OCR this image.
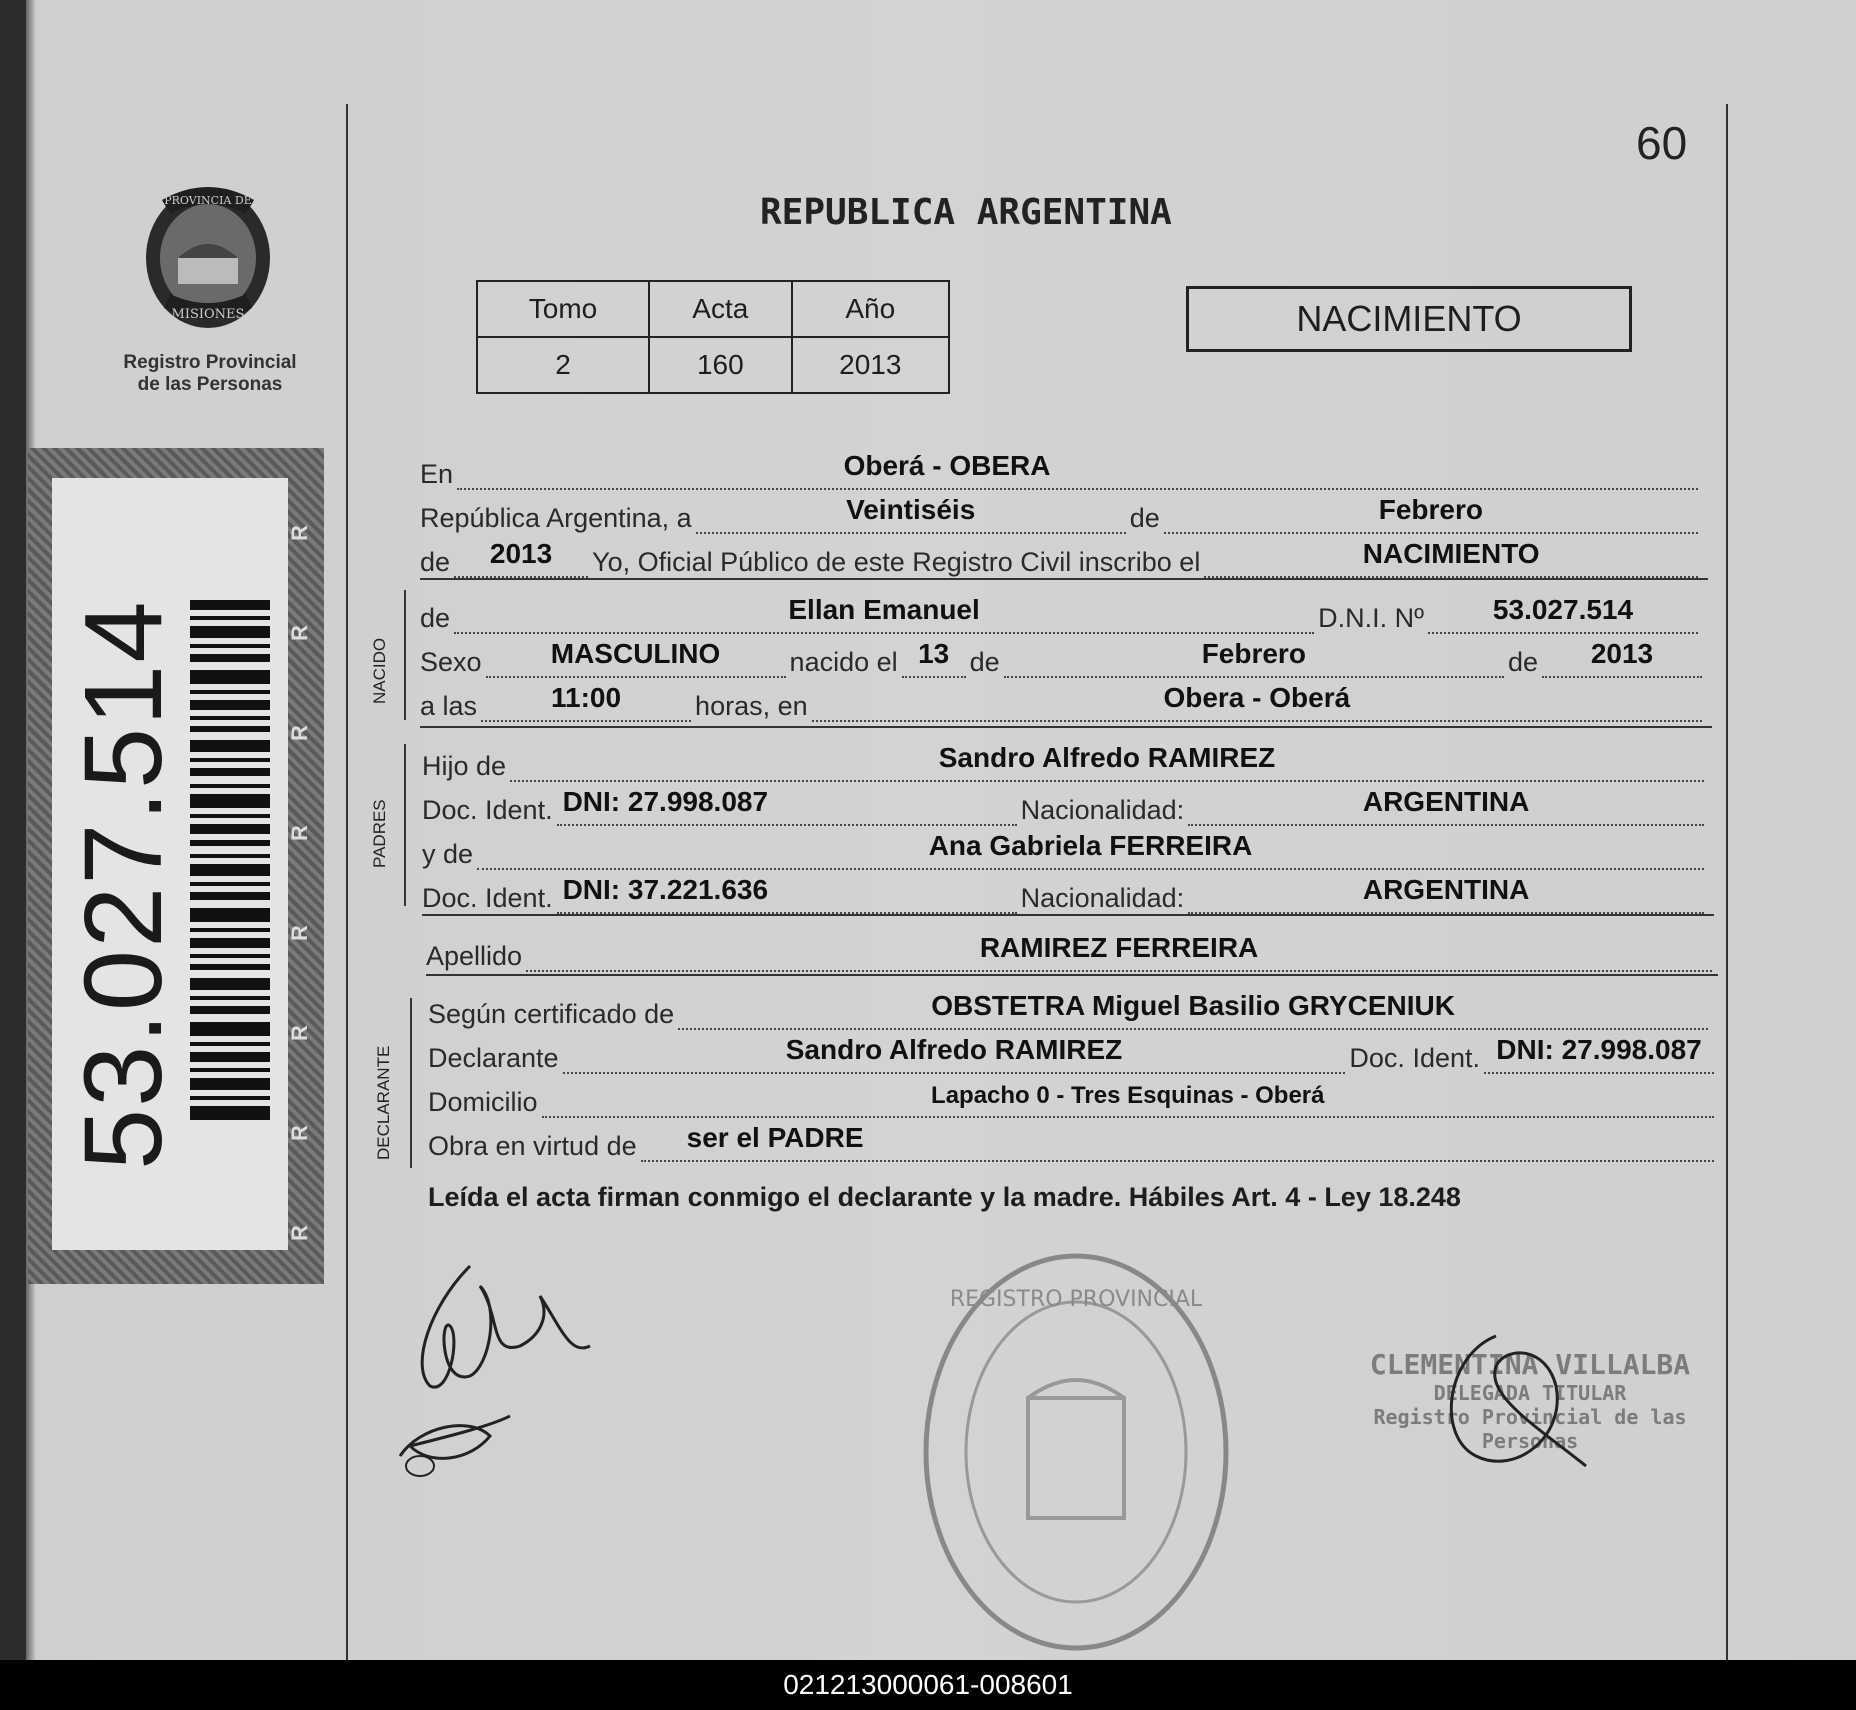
PROVINCIA DE
MISIONES
Registro Provincial
de las Personas
53.027.514
60
REPUBLICA ARGENTINA
Tomo	Acta	Año
2	160	2013
NACIMIENTO
En	Oberá - OBERA
República Argentina, a	Veintiséis	de	Febrero
de	2013	Yo, Oficial Público de este Registro Civil inscribo el	NACIMIENTO
NACIDO
de	Ellan Emanuel	D.N.I. Nº	53.027.514
Sexo	MASCULINO	nacido el 13 de	Febrero	de	2013
a las	11:00	horas, en	Obera - Oberá
PADRES
Hijo de	Sandro Alfredo RAMIREZ
Doc. Ident. DNI: 27.998.087	Nacionalidad:	ARGENTINA
y de	Ana Gabriela FERREIRA
Doc. Ident. DNI: 37.221.636	Nacionalidad:	ARGENTINA
Apellido	RAMIREZ FERREIRA
DECLARANTE
Según certificado de	OBSTETRA Miguel Basilio GRYCENIUK
Declarante	Sandro Alfredo RAMIREZ	Doc. Ident. DNI: 27.998.087
Domicilio	Lapacho 0 - Tres Esquinas - Oberá
Obra en virtud de ser el PADRE
Leída el acta firman conmigo el declarante y la madre. Hábiles Art. 4 - Ley 18.248
REGISTRO PROVINCIAL
CLEMENTINA VILLALBA
DELEGADA TITULAR
Registro Provincial de las Personas
021213000061-008601
R
R
R
R
R
R
R
R
